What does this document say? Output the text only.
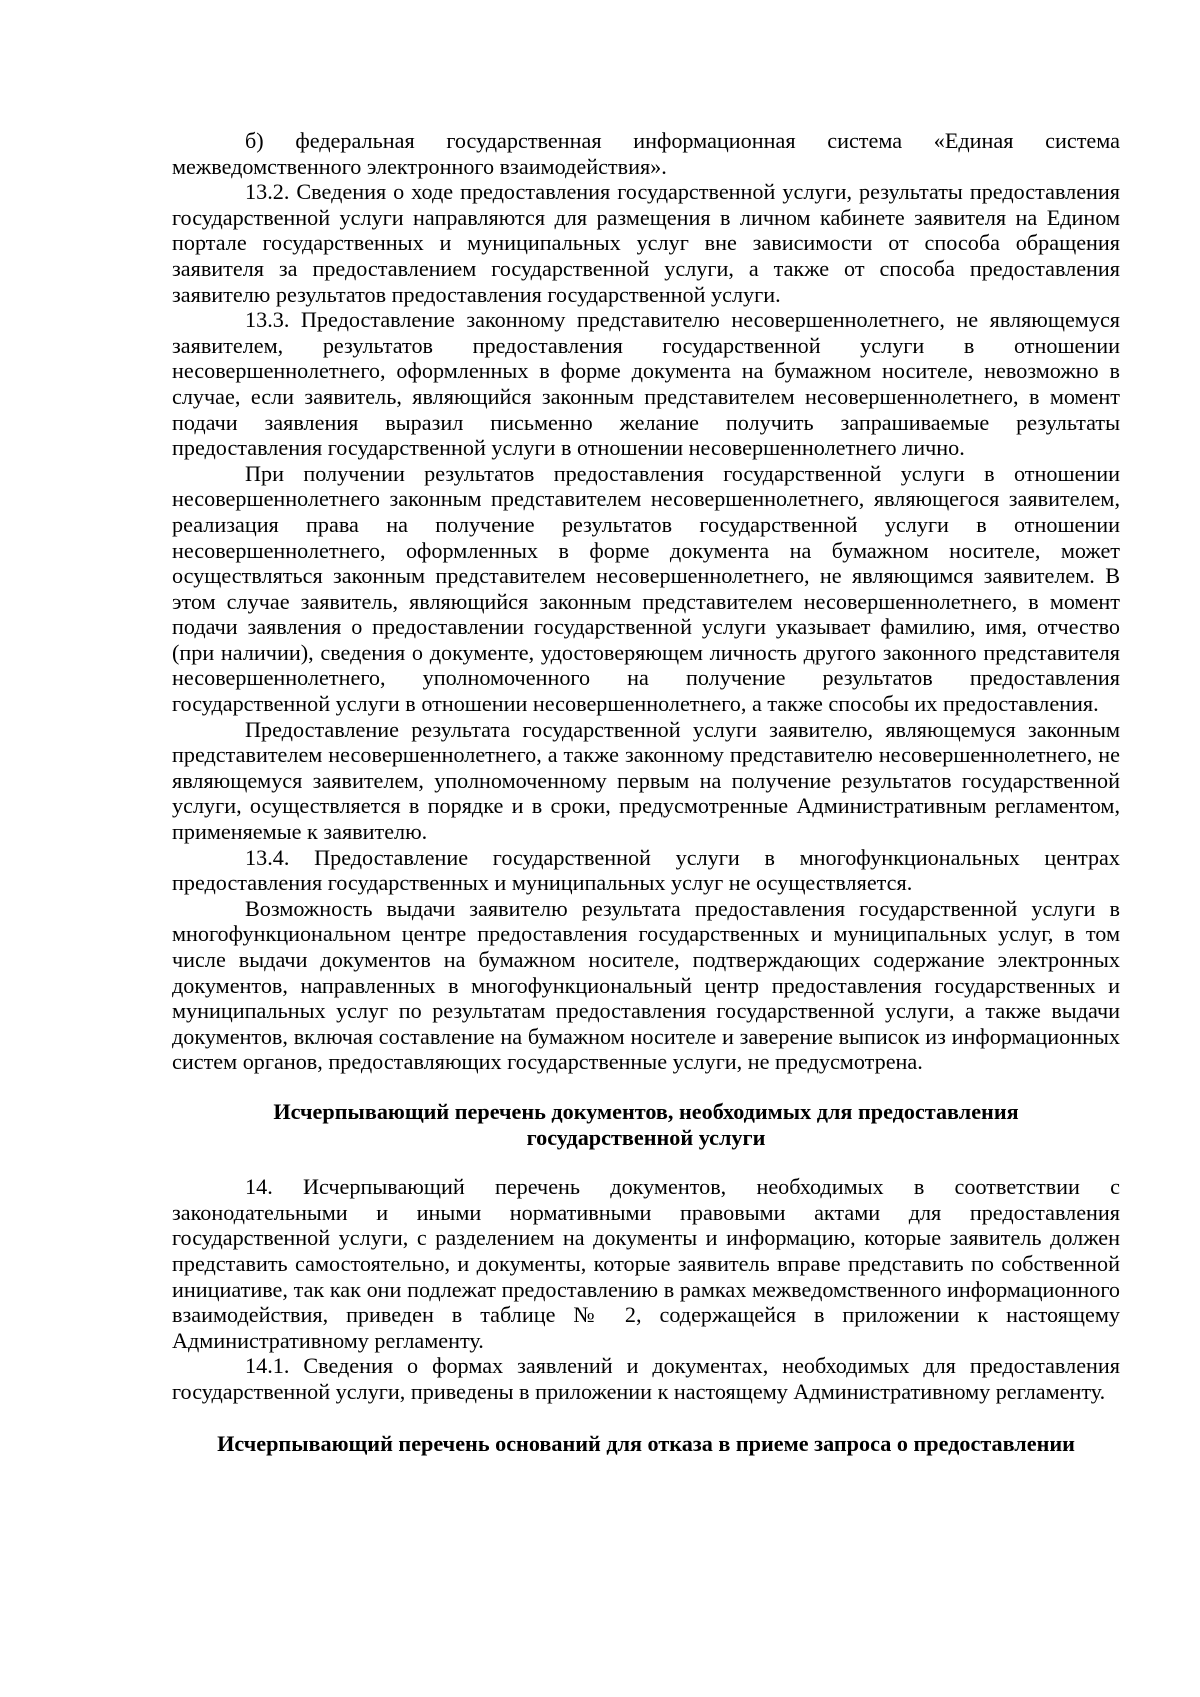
б) федеральная государственная информационная система «Единая система межведомственного электронного взаимодействия».

13.2. Сведения о ходе предоставления государственной услуги, результаты предоставления государственной услуги направляются для размещения в личном кабинете заявителя на Едином портале государственных и муниципальных услуг вне зависимости от способа обращения заявителя за предоставлением государственной услуги, а также от способа предоставления заявителю результатов предоставления государственной услуги.

13.3. Предоставление законному представителю несовершеннолетнего, не являющемуся заявителем, результатов предоставления государственной услуги в отношении несовершеннолетнего, оформленных в форме документа на бумажном носителе, невозможно в случае, если заявитель, являющийся законным представителем несовершеннолетнего, в момент подачи заявления выразил письменно желание получить запрашиваемые результаты предоставления государственной услуги в отношении несовершеннолетнего лично.

При получении результатов предоставления государственной услуги в отношении несовершеннолетнего законным представителем несовершеннолетнего, являющегося заявителем, реализация права на получение результатов государственной услуги в отношении несовершеннолетнего, оформленных в форме документа на бумажном носителе, может осуществляться законным представителем несовершеннолетнего, не являющимся заявителем. В этом случае заявитель, являющийся законным представителем несовершеннолетнего, в момент подачи заявления о предоставлении государственной услуги указывает фамилию, имя, отчество (при наличии), сведения о документе, удостоверяющем личность другого законного представителя несовершеннолетнего, уполномоченного на получение результатов предоставления государственной услуги в отношении несовершеннолетнего, а также способы их предоставления.

Предоставление результата государственной услуги заявителю, являющемуся законным представителем несовершеннолетнего, а также законному представителю несовершеннолетнего, не являющемуся заявителем, уполномоченному первым на получение результатов государственной услуги, осуществляется в порядке и в сроки, предусмотренные Административным регламентом, применяемые к заявителю.

13.4. Предоставление государственной услуги в многофункциональных центрах предоставления государственных и муниципальных услуг не осуществляется.

Возможность выдачи заявителю результата предоставления государственной услуги в многофункциональном центре предоставления государственных и муниципальных услуг, в том числе выдачи документов на бумажном носителе, подтверждающих содержание электронных документов, направленных в многофункциональный центр предоставления государственных и муниципальных услуг по результатам предоставления государственной услуги, а также выдачи документов, включая составление на бумажном носителе и заверение выписок из информационных систем органов, предоставляющих государственные услуги, не предусмотрена.

Исчерпывающий перечень документов, необходимых для предоставления
государственной услуги

14. Исчерпывающий перечень документов, необходимых в соответствии с законодательными и иными нормативными правовыми актами для предоставления государственной услуги, с разделением на документы и информацию, которые заявитель должен представить самостоятельно, и документы, которые заявитель вправе представить по собственной инициативе, так как они подлежат предоставлению в рамках межведомственного информационного взаимодействия, приведен в таблице № 2, содержащейся в приложении к настоящему Административному регламенту.

14.1. Сведения о формах заявлений и документах, необходимых для предоставления государственной услуги, приведены в приложении к настоящему Административному регламенту.

Исчерпывающий перечень оснований для отказа в приеме запроса о предоставлении
